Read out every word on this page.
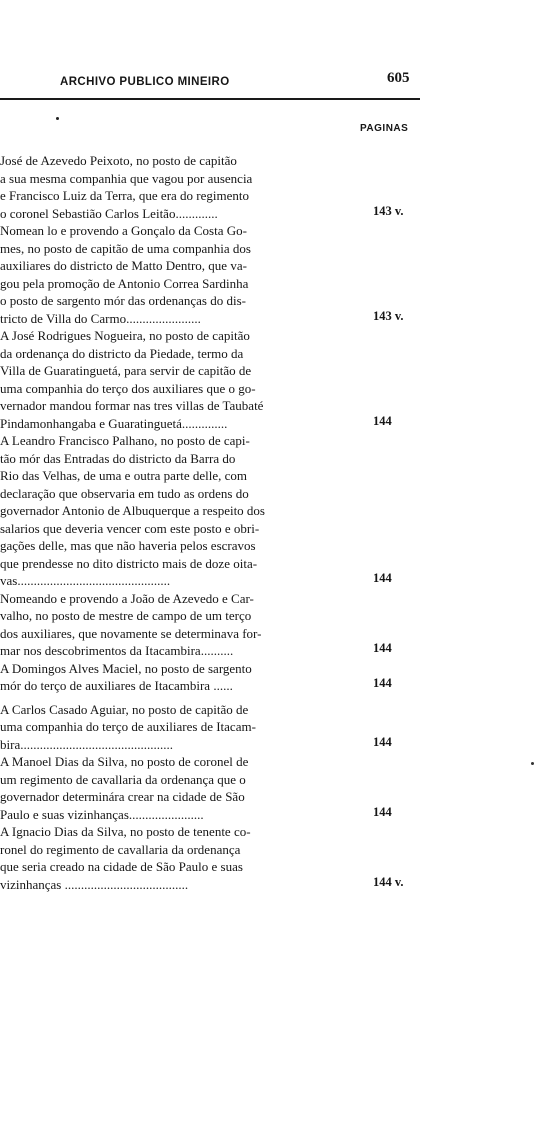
ARCHIVO PUBLICO MINEIRO	605
PAGINAS
José de Azevedo Peixoto, no posto de capitão
a sua mesma companhia que vagou por ausencia
e Francisco Luiz da Terra, que era do regimento
o coronel Sebastião Carlos Leitão.............	143 v.
Nomean lo e provendo a Gonçalo da Costa Go-
mes, no posto de capitão de uma companhia dos
auxiliares do districto de Matto Dentro, que va-
gou pela promoção de Antonio Correa Sardinha
o posto de sargento mór das ordenanças do dis-
tricto de Villa do Carmo.......................	143 v.
A José Rodrigues Nogueira, no posto de capitão
da ordenança do districto da Piedade, termo da
Villa de Guaratinguetá, para servir de capitão de
uma companhia do terço dos auxiliares que o go-
vernador mandou formar nas tres villas de Taubaté
Pindamonhangaba e Guaratinguetá..............	144
A Leandro Francisco Palhano, no posto de capi-
tão mór das Entradas do districto da Barra do
Rio das Velhas, de uma e outra parte delle, com
declaração que observaria em tudo as ordens do
governador Antonio de Albuquerque a respeito dos
salarios que deveria vencer com este posto e obri-
gações delle, mas que não haveria pelos escravos
que prendesse no dito districto mais de doze oita-
vas...............................................	144
Nomeando e provendo a João de Azevedo e Car-
valho, no posto de mestre de campo de um terço
dos auxiliares, que novamente se determinava for-
mar nos descobrimentos da Itacambira..........	144
A Domingos Alves Maciel, no posto de sargento
mór do terço de auxiliares de Itacambira ......	144
A Carlos Casado Aguiar, no posto de capitão de
uma companhia do terço de auxiliares de Itacam-
bira...............................................	144
A Manoel Dias da Silva, no posto de coronel de
um regimento de cavallaria da ordenança que o
governador determinára crear na cidade de São
Paulo e suas vizinhanças.......................	144
A Ignacio Dias da Silva, no posto de tenente co-
ronel do regimento de cavallaria da ordenança
que seria creado na cidade de São Paulo e suas
vizinhanças ......................................	144 v.
